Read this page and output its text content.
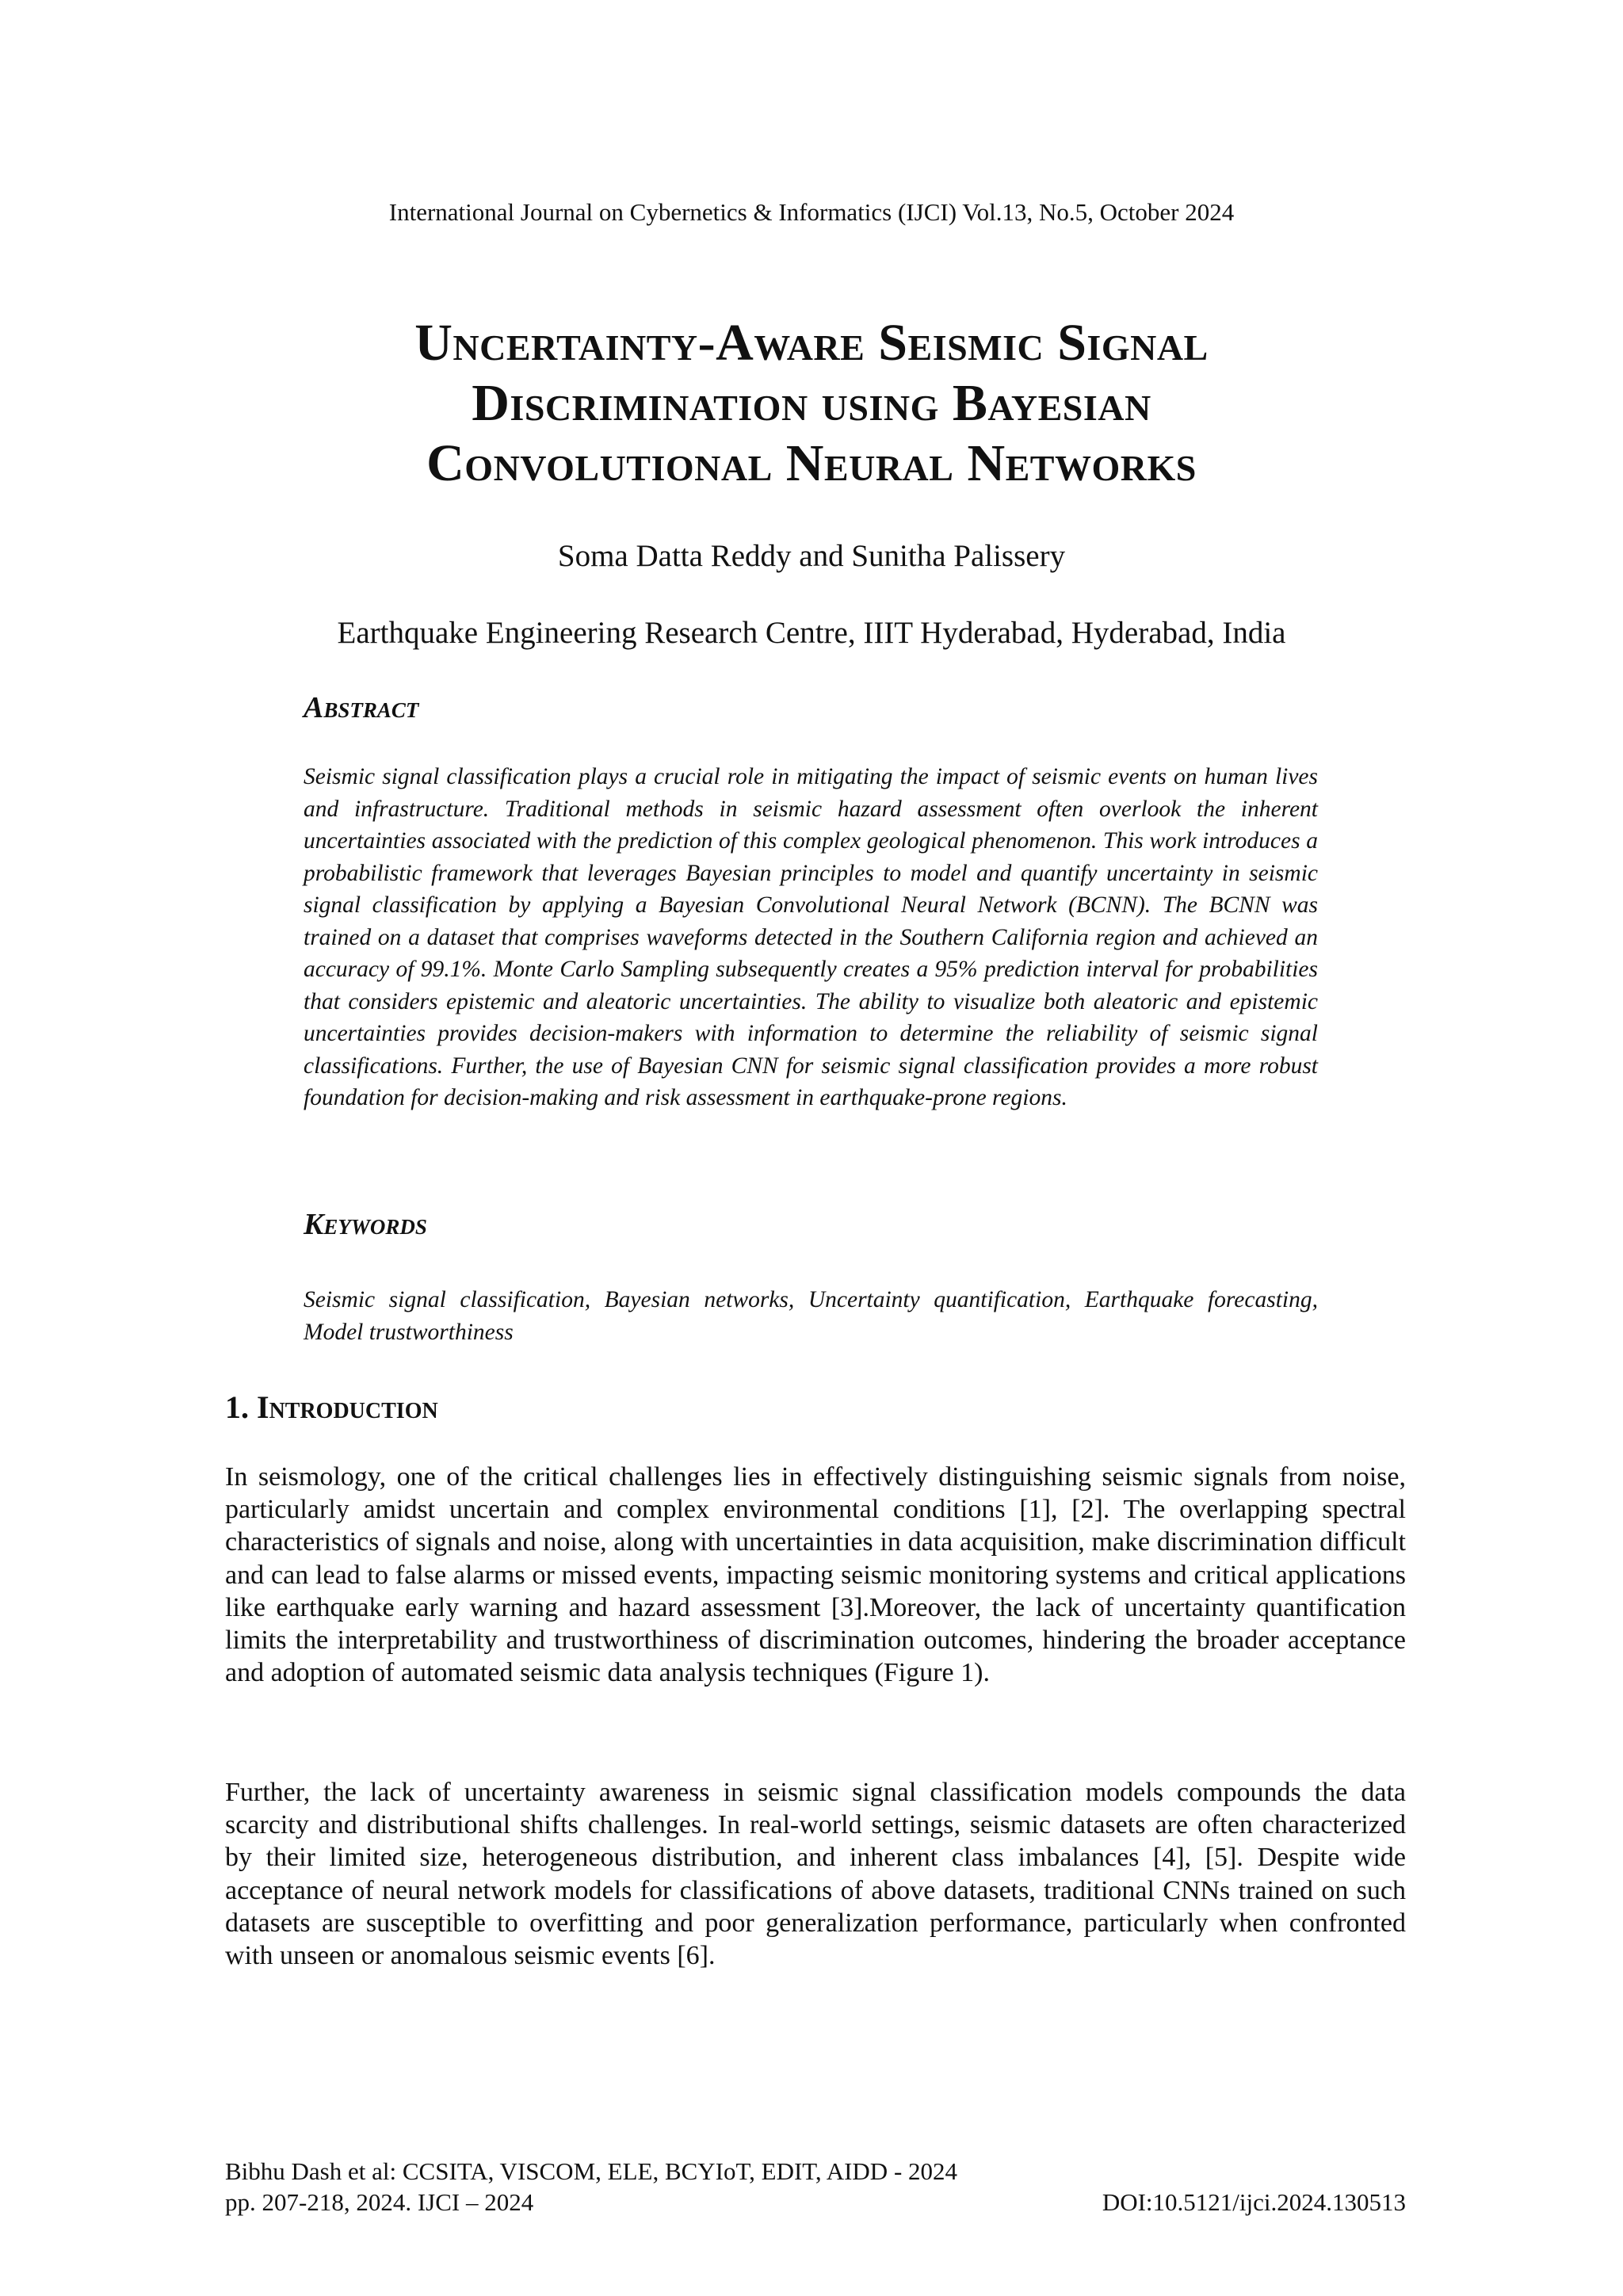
International Journal on Cybernetics & Informatics (IJCI) Vol.13, No.5, October 2024
Uncertainty-Aware Seismic Signal
Discrimination using Bayesian
Convolutional Neural Networks
Soma Datta Reddy and Sunitha Palissery
Earthquake Engineering Research Centre, IIIT Hyderabad, Hyderabad, India
Abstract

Seismic signal classification plays a crucial role in mitigating the impact of seismic events on human lives and infrastructure. Traditional methods in seismic hazard assessment often overlook the inherent uncertainties associated with the prediction of this complex geological phenomenon. This work introduces a probabilistic framework that leverages Bayesian principles to model and quantify uncertainty in seismic signal classification by applying a Bayesian Convolutional Neural Network (BCNN). The BCNN was trained on a dataset that comprises waveforms detected in the Southern California region and achieved an accuracy of 99.1%. Monte Carlo Sampling subsequently creates a 95% prediction interval for probabilities that considers epistemic and aleatoric uncertainties. The ability to visualize both aleatoric and epistemic uncertainties provides decision-makers with information to determine the reliability of seismic signal classifications. Further, the use of Bayesian CNN for seismic signal classification provides a more robust foundation for decision-making and risk assessment in earthquake-prone regions.

Keywords

Seismic signal classification, Bayesian networks, Uncertainty quantification, Earthquake forecasting, Model trustworthiness

1. Introduction

In seismology, one of the critical challenges lies in effectively distinguishing seismic signals from noise, particularly amidst uncertain and complex environmental conditions [1], [2]. The overlapping spectral characteristics of signals and noise, along with uncertainties in data acquisition, make discrimination difficult and can lead to false alarms or missed events, impacting seismic monitoring systems and critical applications like earthquake early warning and hazard assessment [3].Moreover, the lack of uncertainty quantification limits the interpretability and trustworthiness of discrimination outcomes, hindering the broader acceptance and adoption of automated seismic data analysis techniques (Figure 1).

Further, the lack of uncertainty awareness in seismic signal classification models compounds the data scarcity and distributional shifts challenges. In real-world settings, seismic datasets are often characterized by their limited size, heterogeneous distribution, and inherent class imbalances [4], [5]. Despite wide acceptance of neural network models for classifications of above datasets, traditional CNNs trained on such datasets are susceptible to overfitting and poor generalization performance, particularly when confronted with unseen or anomalous seismic events [6].

Bibhu Dash et al: CCSITA, VISCOM, ELE, BCYIoT, EDIT, AIDD - 2024
pp. 207-218, 2024. IJCI – 2024	DOI:10.5121/ijci.2024.130513
